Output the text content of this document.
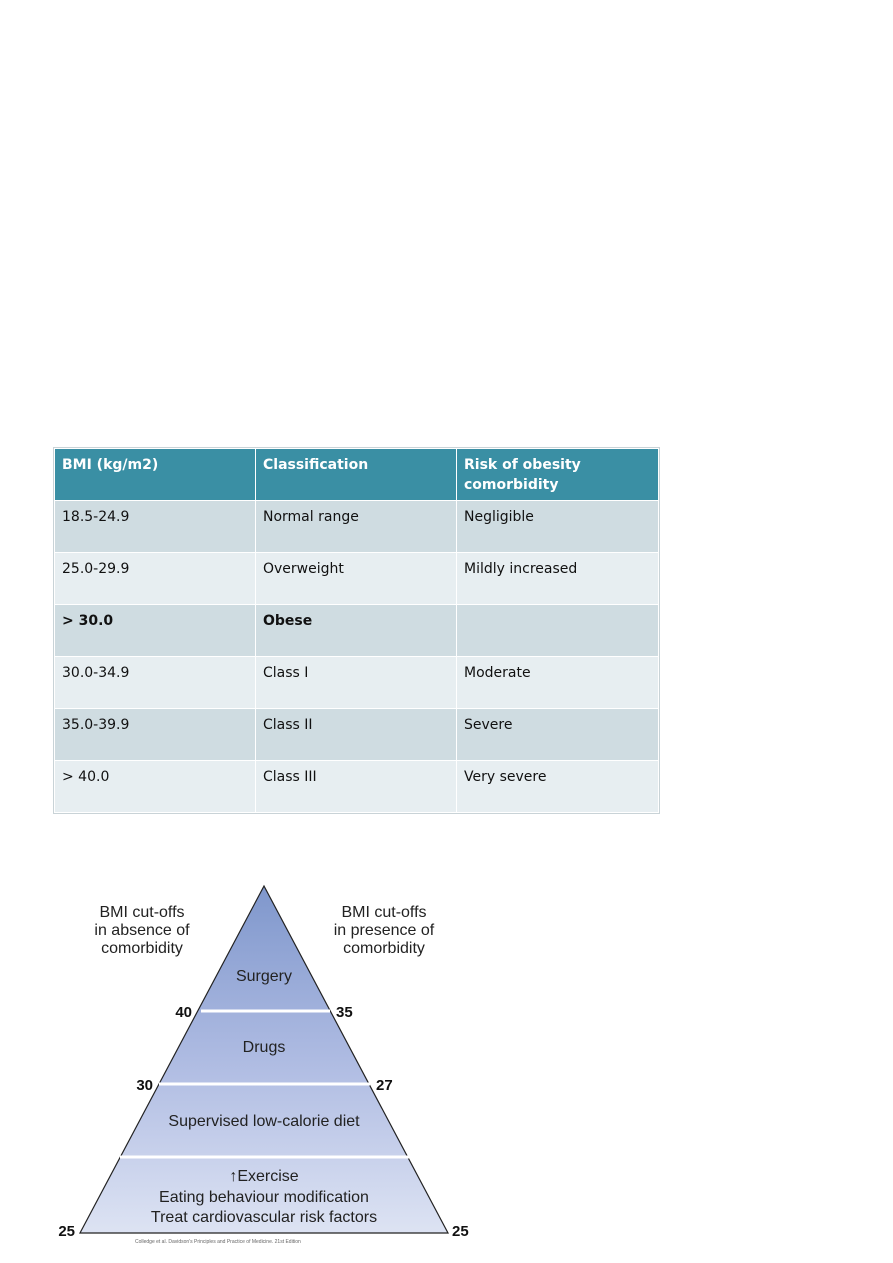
BMI (kg/m2)	Classification	Risk of obesity comorbidity
18.5-24.9	Normal range	Negligible
25.0-29.9	Overweight	Mildly increased
> 30.0	Obese	
30.0-34.9	Class I	Moderate
35.0-39.9	Class II	Severe
> 40.0	Class III	Very severe
BMI cut-offs
in absence of
comorbidity
BMI cut-offs
in presence of
comorbidity
Surgery
Drugs
Supervised low-calorie diet
↑Exercise
Eating behaviour modification
Treat cardiovascular risk factors
40
30
25
35
27
25
Colledge et al. Davidson's Principles and Practice of Medicine. 21st Edition
